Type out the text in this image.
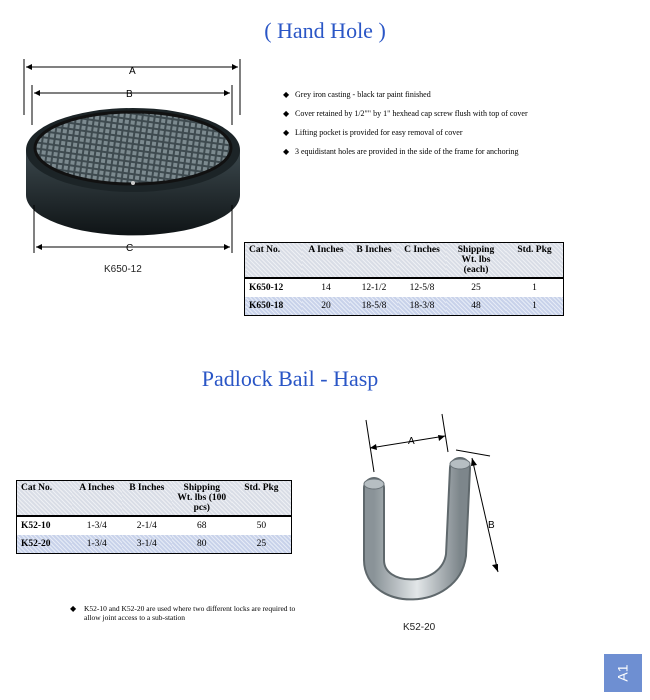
( Hand Hole )
A
B
C
K650-12
◆ Grey iron casting - black tar paint finished
◆ Cover retained by 1/2"" by 1" hexhead cap screw flush with top of cover
◆ Lifting pocket is provided for easy removal of cover
◆ 3 equidistant holes are provided in the side of the frame for anchoring
Cat No.	A Inches	B Inches	C Inches	Shipping Wt. lbs (each)	Std. Pkg
K650-12	14	12-1/2	12-5/8	25	1
K650-18	20	18-5/8	18-3/8	48	1
Padlock Bail - Hasp
Cat No.	A Inches	B Inches	Shipping Wt. lbs (100 pcs)	Std. Pkg
K52-10	1-3/4	2-1/4	68	50
K52-20	1-3/4	3-1/4	80	25
◆	K52-10 and K52-20 are used where two different locks are required to allow joint access to a sub-station
A
B
K52-20
A1
